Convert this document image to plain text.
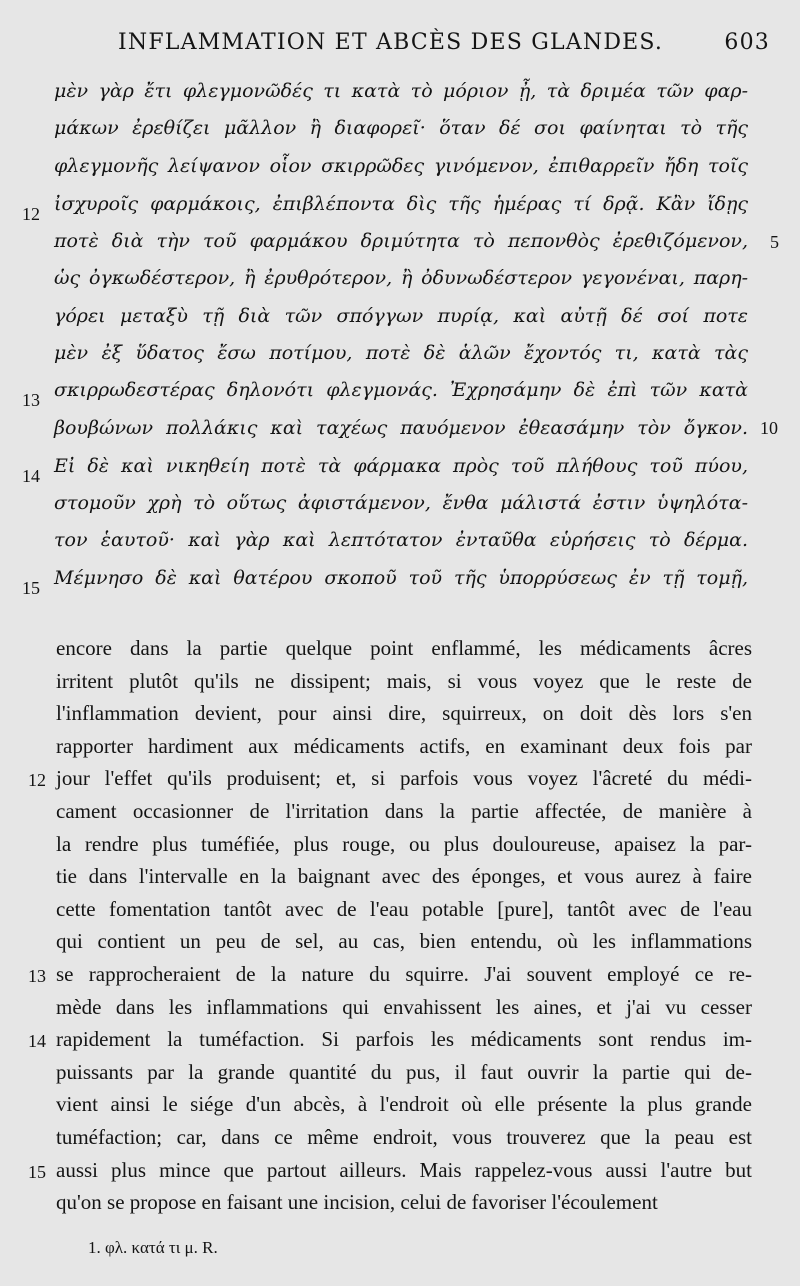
INFLAMMATION ET ABCÈS DES GLANDES.	603
μὲν γὰρ ἔτι φλεγμονῶδές τι κατὰ τὸ μόριον ᾖ, τὰ δριμέα τῶν φαρ-
μάκων ἐρεθίζει μᾶλλον ἢ διαφορεῖ· ὅταν δέ σοι φαίνηται τὸ τῆς
φλεγμονῆς λείψανον οἷον σκιρρῶδες γινόμενον, ἐπιθαρρεῖν ἤδη τοῖς
ἰσχυροῖς φαρμάκοις, ἐπιβλέποντα δὶς τῆς ἡμέρας τί δρᾷ. Κἂν ἴδῃς
ποτὲ διὰ τὴν τοῦ φαρμάκου δριμύτητα τὸ πεπονθὸς ἐρεθιζόμενον,
ὡς ὀγκωδέστερον, ἢ ἐρυθρότερον, ἢ ὀδυνωδέστερον γεγονέναι, παρη-
γόρει μεταξὺ τῇ διὰ τῶν σπόγγων πυρίᾳ, καὶ αὐτῇ δέ σοί ποτε
μὲν ἐξ ὕδατος ἔσω ποτίμου, ποτὲ δὲ ἁλῶν ἔχοντός τι, κατὰ τὰς
σκιρρωδεστέρας δηλονότι φλεγμονάς. Ἐχρησάμην δὲ ἐπὶ τῶν κατὰ
βουβώνων πολλάκις καὶ ταχέως παυόμενον ἐθεασάμην τὸν ὄγκον.
Εἰ δὲ καὶ νικηθείη ποτὲ τὰ φάρμακα πρὸς τοῦ πλήθους τοῦ πύου,
στομοῦν χρὴ τὸ οὕτως ἀφιστάμενον, ἔνθα μάλιστά ἐστιν ὑψηλότα-
τον ἑαυτοῦ· καὶ γὰρ καὶ λεπτότατον ἐνταῦθα εὑρήσεις τὸ δέρμα.
Μέμνησο δὲ καὶ θατέρου σκοποῦ τοῦ τῆς ὑπορρύσεως ἐν τῇ τομῇ,
12
13
14
15
5
10
encore dans la partie quelque point enflammé, les médicaments âcres
irritent plutôt qu'ils ne dissipent; mais, si vous voyez que le reste de
l'inflammation devient, pour ainsi dire, squirreux, on doit dès lors s'en
rapporter hardiment aux médicaments actifs, en examinant deux fois par
jour l'effet qu'ils produisent; et, si parfois vous voyez l'âcreté du médi-
cament occasionner de l'irritation dans la partie affectée, de manière à
la rendre plus tuméfiée, plus rouge, ou plus douloureuse, apaisez la par-
tie dans l'intervalle en la baignant avec des éponges, et vous aurez à faire
cette fomentation tantôt avec de l'eau potable [pure], tantôt avec de l'eau
qui contient un peu de sel, au cas, bien entendu, où les inflammations
se rapprocheraient de la nature du squirre. J'ai souvent employé ce re-
mède dans les inflammations qui envahissent les aines, et j'ai vu cesser
rapidement la tuméfaction. Si parfois les médicaments sont rendus im-
puissants par la grande quantité du pus, il faut ouvrir la partie qui de-
vient ainsi le siége d'un abcès, à l'endroit où elle présente la plus grande
tuméfaction; car, dans ce même endroit, vous trouverez que la peau est
aussi plus mince que partout ailleurs. Mais rappelez-vous aussi l'autre but
12
13
14
15
qu'on se propose en faisant une incision, celui de favoriser l'écoulement
1. φλ. κατά τι μ. R.
